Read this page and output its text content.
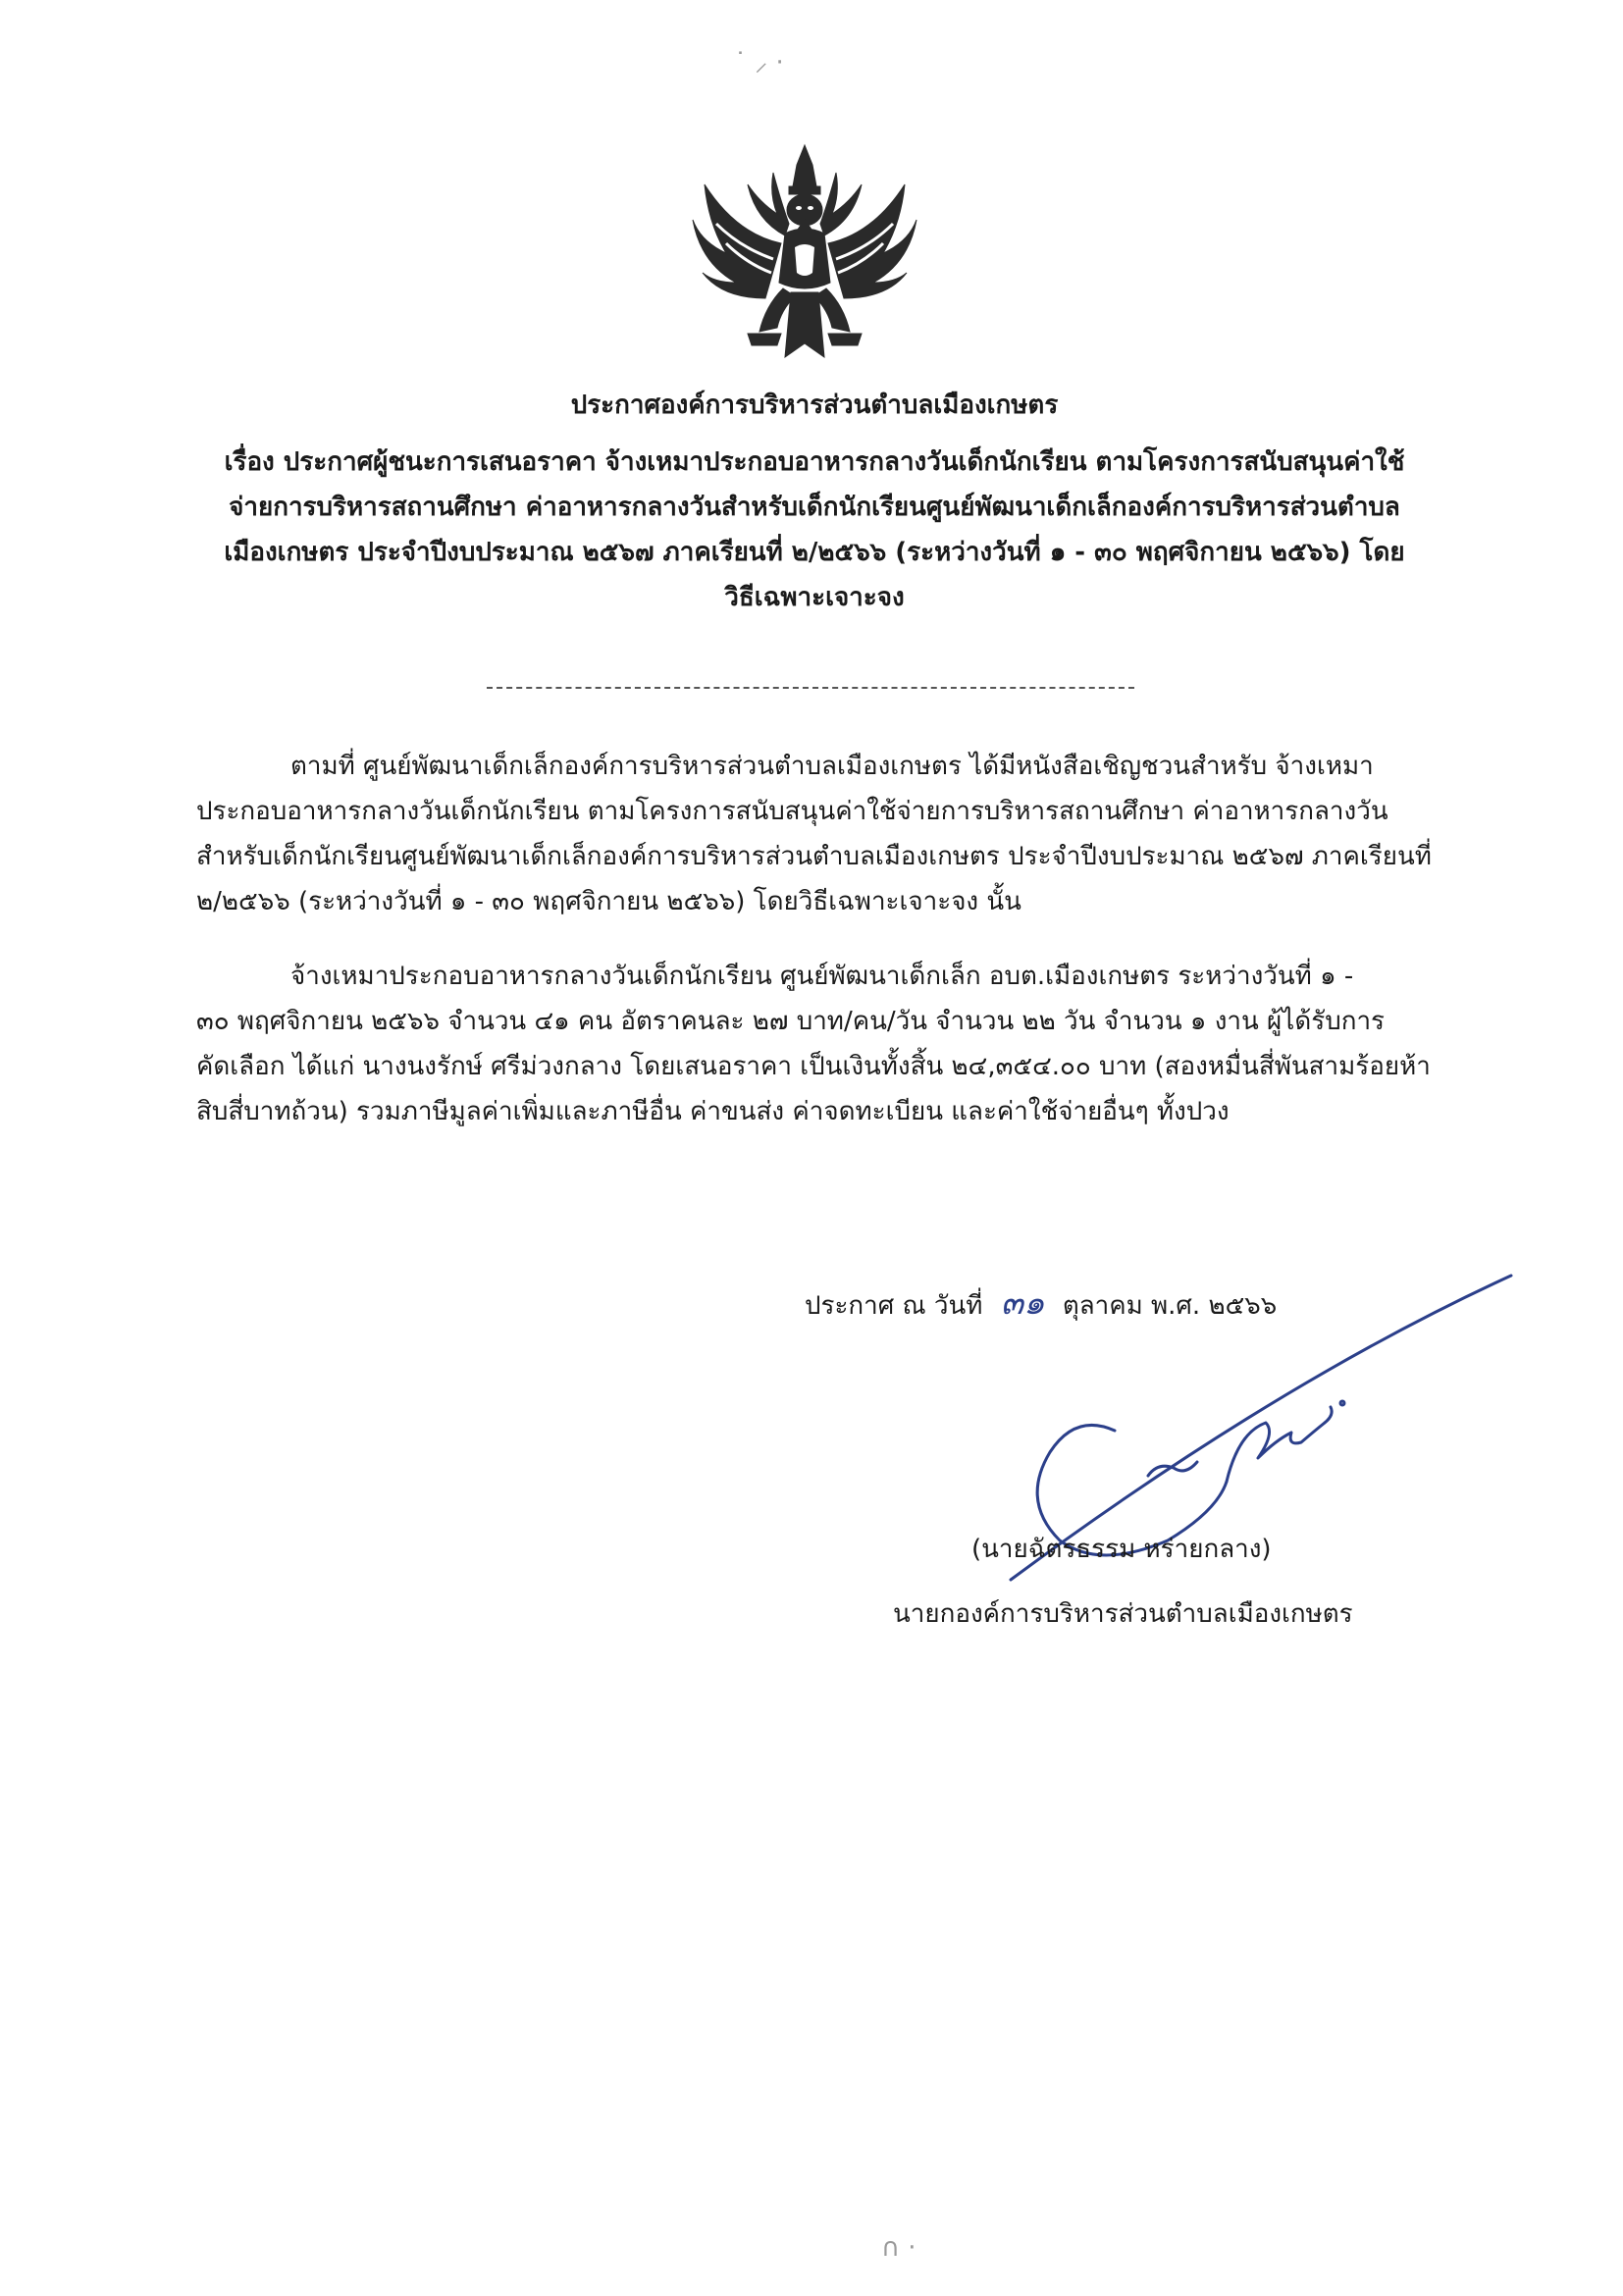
˙ ⸝ ·
ประกาศองค์การบริหารส่วนตำบลเมืองเกษตร
เรื่อง ประกาศผู้ชนะการเสนอราคา จ้างเหมาประกอบอาหารกลางวันเด็กนักเรียน ตามโครงการสนับสนุนค่าใช้
จ่ายการบริหารสถานศึกษา ค่าอาหารกลางวันสำหรับเด็กนักเรียนศูนย์พัฒนาเด็กเล็กองค์การบริหารส่วนตำบล
เมืองเกษตร ประจำปีงบประมาณ ๒๕๖๗ ภาคเรียนที่ ๒/๒๕๖๖ (ระหว่างวันที่ ๑ - ๓๐ พฤศจิกายน ๒๕๖๖) โดย
วิธีเฉพาะเจาะจง
ตามที่ ศูนย์พัฒนาเด็กเล็กองค์การบริหารส่วนตำบลเมืองเกษตร ได้มีหนังสือเชิญชวนสำหรับ จ้างเหมา
ประกอบอาหารกลางวันเด็กนักเรียน ตามโครงการสนับสนุนค่าใช้จ่ายการบริหารสถานศึกษา ค่าอาหารกลางวัน
สำหรับเด็กนักเรียนศูนย์พัฒนาเด็กเล็กองค์การบริหารส่วนตำบลเมืองเกษตร ประจำปีงบประมาณ ๒๕๖๗ ภาคเรียนที่
๒/๒๕๖๖ (ระหว่างวันที่ ๑ - ๓๐ พฤศจิกายน ๒๕๖๖) โดยวิธีเฉพาะเจาะจง นั้น
จ้างเหมาประกอบอาหารกลางวันเด็กนักเรียน ศูนย์พัฒนาเด็กเล็ก อบต.เมืองเกษตร ระหว่างวันที่ ๑ -
๓๐ พฤศจิกายน ๒๕๖๖ จำนวน ๔๑ คน อัตราคนละ ๒๗ บาท/คน/วัน จำนวน ๒๒ วัน จำนวน ๑ งาน ผู้ได้รับการ
คัดเลือก ได้แก่ นางนงรักษ์ ศรีม่วงกลาง โดยเสนอราคา เป็นเงินทั้งสิ้น ๒๔,๓๕๔.๐๐ บาท (สองหมื่นสี่พันสามร้อยห้า
สิบสี่บาทถ้วน) รวมภาษีมูลค่าเพิ่มและภาษีอื่น ค่าขนส่ง ค่าจดทะเบียน และค่าใช้จ่ายอื่นๆ ทั้งปวง
ประกาศ ณ วันที่ ๓๑ ตุลาคม พ.ศ. ๒๕๖๖
(นายฉัตรธรรม หร่ายกลาง)
นายกองค์การบริหารส่วนตำบลเมืองเกษตร
∩ ·
